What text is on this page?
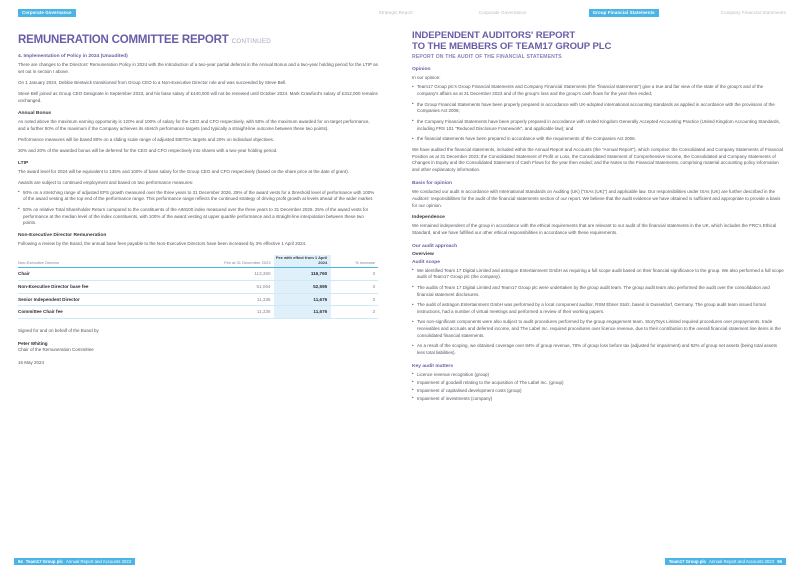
Corporate Governance	Strategic Report	Corporate Governance	Group Financial Statements	Company Financial Statements
REMUNERATION COMMITTEE REPORT CONTINUED
4. Implementation of Policy in 2024 (Unaudited)

There are changes to the Directors' Remuneration Policy in 2024 with the introduction of a two-year partial deferral in the Annual Bonus and a two-year holding period for the LTIP as set out in section I above.

On 1 January 2024, Debbie Bestwick transitioned from Group CEO to a Non-Executive Director role and was succeeded by Steve Bell.

Steve Bell joined as Group CEO Designate in September 2023, and his base salary of £440,000 will not be renewed until October 2024. Mark Crawford's salary of £312,000 remains unchanged.

Annual Bonus

As noted above the maximum earning opportunity is 120% and 100% of salary for the CEO and CFO respectively, with 50% of the maximum awarded for on-target performance, and a further 50% of the maximum if the Company achieves its stretch performance targets (and typically a straight-line outcome between these two points).

Performance measures will be based 80% on a sliding scale range of adjusted EBITDA targets and 20% on individual objectives.

30% and 20% of the awarded bonus will be deferred for the CEO and CFO respectively into shares with a two-year holding period.

LTIP

The award level for 2024 will be equivalent to 135% and 100% of base salary for the Group CEO and CFO respectively (based on the share price at the date of grant).

Awards are subject to continued employment and based on two performance measures:

• 50% on a stretching range of adjusted EPS growth measured over the three years to 31 December 2026. 25% of the award vests for a threshold level of performance with 100% of the award vesting at the top end of the performance range. This performance range reflects the continued strategy of driving profit growth at levels ahead of the wider market.
• 50% on relative Total Shareholder Return compared to the constituents of the AIM100 index measured over the three years to 31 December 2026. 25% of the award vests for performance at the median level of the index constituents, with 100% of the award vesting at upper quartile performance and a straight-line interpolation between these two points.
Non-Executive Director Remuneration

Following a review by the Board, the annual base fees payable to the Non-Executive Directors have been increased by 3% effective 1 April 2024.

Non-Executive Director	Fee at 31 December 2023	Fee with effect from 1 April 2024	% increase
Chair	113,360	116,760	3
Non-Executive Director base fee	51,064	52,595	3
Senior Independent Director	11,336	11,676	3
Committee Chair fee	11,336	11,676	3
Signed for and on behalf of the Board by
Peter Whiting
Chair of the Remuneration Committee
16 May 2024
INDEPENDENT AUDITORS' REPORT
TO THE MEMBERS OF TEAM17 GROUP PLC
REPORT ON THE AUDIT OF THE FINANCIAL STATEMENTS
Opinion

In our opinion:

• Team17 Group plc's Group Financial Statements and Company Financial Statements (the "financial statements") give a true and fair view of the state of the group's and of the company's affairs as at 31 December 2023 and of the group's loss and the group's cash flows for the year then ended;
• the Group Financial Statements have been properly prepared in accordance with UK-adopted international accounting standards as applied in accordance with the provisions of the Companies Act 2006;
• the Company Financial Statements have been properly prepared in accordance with United Kingdom Generally Accepted Accounting Practice (United Kingdom Accounting Standards, including FRS 101 "Reduced Disclosure Framework", and applicable law); and
• the financial statements have been prepared in accordance with the requirements of the Companies Act 2006.

We have audited the financial statements, included within the Annual Report and Accounts (the "Annual Report"), which comprise: the Consolidated and Company Statements of Financial Position as at 31 December 2023; the Consolidated Statement of Profit or Loss, the Consolidated Statement of Comprehensive Income, the Consolidated and Company Statements of Changes in Equity and the Consolidated Statement of Cash Flows for the year then ended; and the Notes to the Financial Statements, comprising material accounting policy information and other explanatory information.

Basis for opinion

We conducted our audit in accordance with International Standards on Auditing (UK) ("ISAs (UK)") and applicable law. Our responsibilities under ISAs (UK) are further described in the Auditors' responsibilities for the audit of the financial statements section of our report. We believe that the audit evidence we have obtained is sufficient and appropriate to provide a basis for our opinion.

Independence

We remained independent of the group in accordance with the ethical requirements that are relevant to our audit of the financial statements in the UK, which includes the FRC's Ethical Standard, and we have fulfilled our other ethical responsibilities in accordance with these requirements.

Our audit approach
Overview
Audit scope
• We identified Team 17 Digital Limited and astragon Entertainment GmbH as requiring a full scope audit based on their financial significance to the group. We also performed a full scope audit of Team17 Group plc (the company).
• The audits of Team 17 Digital Limited and Team17 Group plc were undertaken by the group audit team. The group audit team also performed the audit over the consolidation and financial statement disclosures.
• The audit of astragon Entertainment GmbH was performed by a local component auditor, RSM Ebner Stolz, based in Dusseldorf, Germany. The group audit team issued formal instructions, had a number of virtual meetings and performed a review of their working papers.
• Two non-significant components were also subject to audit procedures performed by the group engagement team. StoryToys Limited required procedures over prepayments, trade receivables and accruals and deferred income, and The Label Inc. required procedures over licence revenue, due to their contribution to the overall financial statement line items in the consolidated financial statements.
• As a result of the scoping, we obtained coverage over 84% of group revenue, 78% of group loss before tax (adjusted for impairment) and 82% of group net assets (being total assets less total liabilities).
Key audit matters
• Licence revenue recognition (group)
• Impairment of goodwill relating to the acquisition of The Label Inc. (group)
• Impairment of capitalised development costs (group)
• Impairment of investments (company)
94 Team17 Group plc Annual Report and Accounts 2023	Team17 Group plc Annual Report and Accounts 2023 95
